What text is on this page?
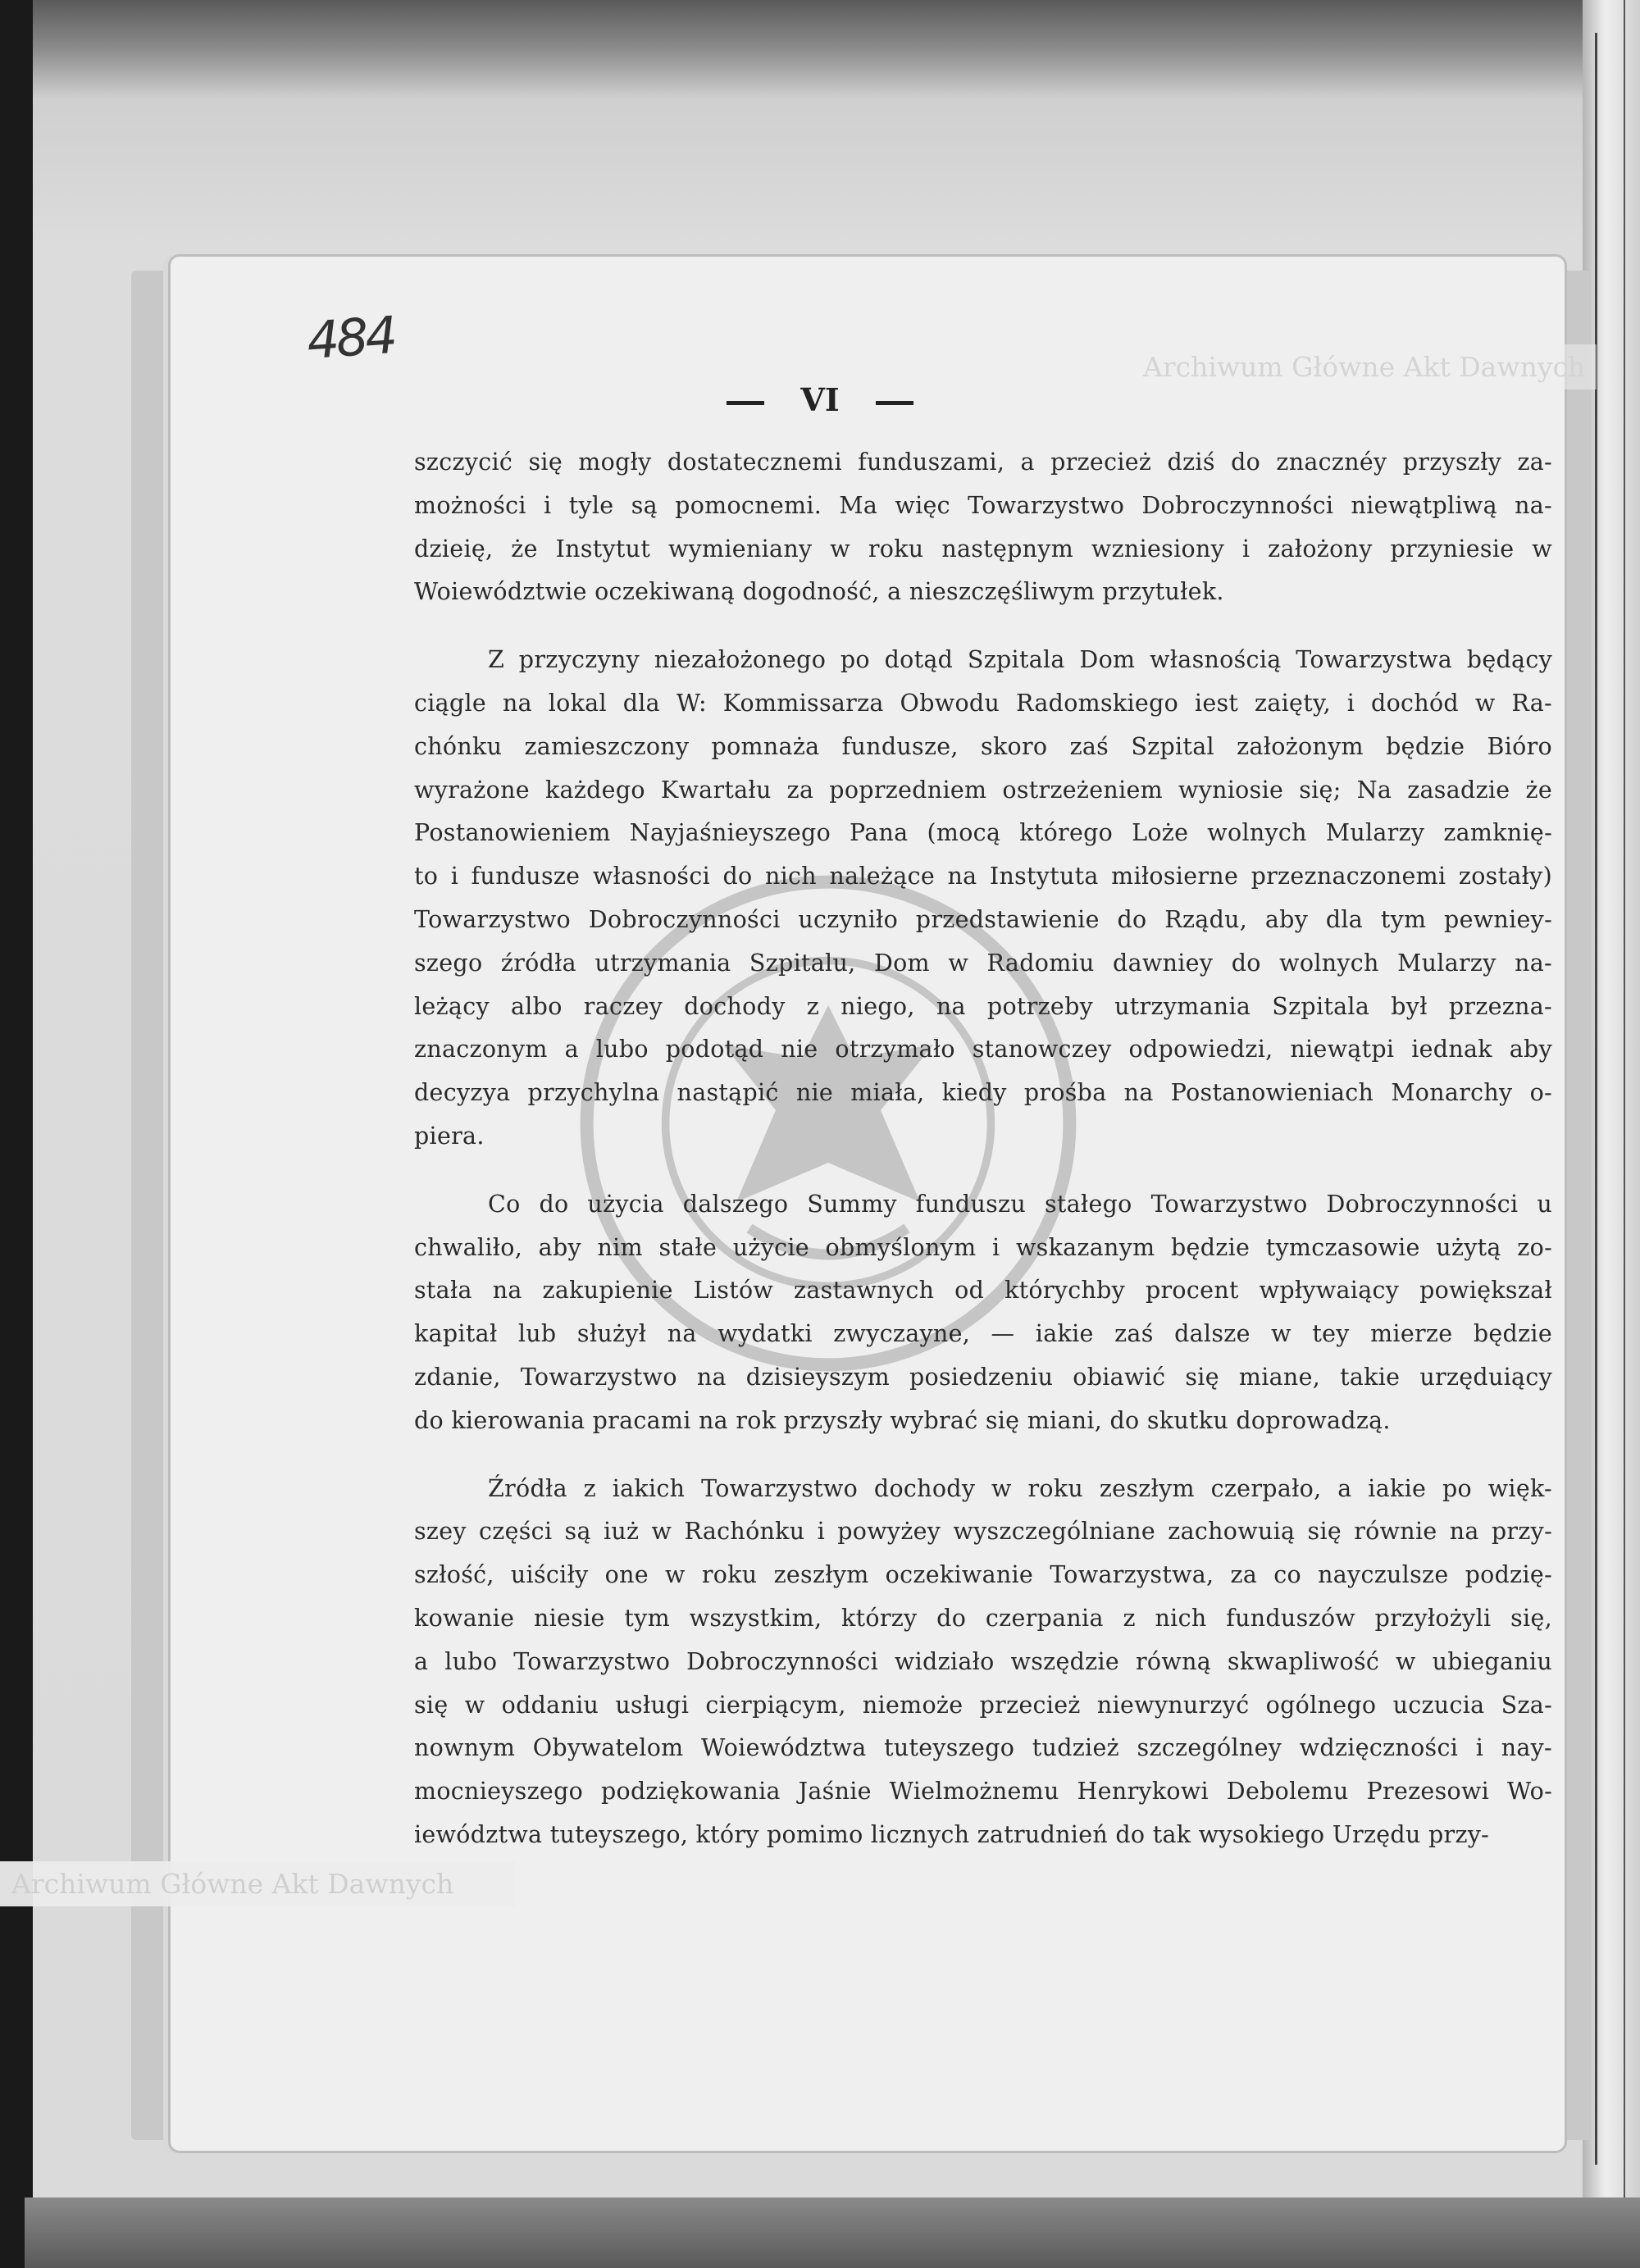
Archiwum Główne Akt Dawnych
Archiwum Główne Akt Dawnych
484
VI
szczycić się mogły dostatecznemi funduszami, a przecież dziś do znacznéy przyszły za-
możności i tyle są pomocnemi. Ma więc Towarzystwo Dobroczynności niewątpliwą na-
dzieię, że Instytut wymieniany w roku następnym wzniesiony i założony przyniesie w
Woiewództwie oczekiwaną dogodność, a nieszczęśliwym przytułek.
Z przyczyny niezałożonego po dotąd Szpitala Dom własnością Towarzystwa będący
ciągle na lokal dla W: Kommissarza Obwodu Radomskiego iest zaięty, i dochód w Ra-
chónku zamieszczony pomnaża fundusze, skoro zaś Szpital założonym będzie Bióro
wyrażone każdego Kwartału za poprzedniem ostrzeżeniem wyniosie się; Na zasadzie że
Postanowieniem Nayjaśnieyszego Pana (mocą którego Loże wolnych Mularzy zamknię-
to i fundusze własności do nich należące na Instytuta miłosierne przeznaczonemi zostały)
Towarzystwo Dobroczynności uczyniło przedstawienie do Rządu, aby dla tym pewniey-
szego źródła utrzymania Szpitalu, Dom w Radomiu dawniey do wolnych Mularzy na-
leżący albo raczey dochody z niego, na potrzeby utrzymania Szpitala był przezna-
znaczonym a lubo podotąd nie otrzymało stanowczey odpowiedzi, niewątpi iednak aby
decyzya przychylna nastąpić nie miała, kiedy prośba na Postanowieniach Monarchy o-
piera.
Co do użycia dalszego Summy funduszu stałego Towarzystwo Dobroczynności u
chwaliło, aby nim stałe użycie obmyślonym i wskazanym będzie tymczasowie użytą zo-
stała na zakupienie Listów zastawnych od którychby procent wpływaiący powiększał
kapitał lub służył na wydatki zwyczayne, — iakie zaś dalsze w tey mierze będzie
zdanie, Towarzystwo na dzisieyszym posiedzeniu obiawić się miane, takie urzęduiący
do kierowania pracami na rok przyszły wybrać się miani, do skutku doprowadzą.
Źródła z iakich Towarzystwo dochody w roku zeszłym czerpało, a iakie po więk-
szey części są iuż w Rachónku i powyżey wyszczególniane zachowuią się równie na przy-
szłość, uiściły one w roku zeszłym oczekiwanie Towarzystwa, za co nayczulsze podzię-
kowanie niesie tym wszystkim, którzy do czerpania z nich funduszów przyłożyli się,
a lubo Towarzystwo Dobroczynności widziało wszędzie równą skwapliwość w ubieganiu
się w oddaniu usługi cierpiącym, niemoże przecież niewynurzyć ogólnego uczucia Sza-
nownym Obywatelom Woiewództwa tuteyszego tudzież szczególney wdzięczności i nay-
mocnieyszego podziękowania Jaśnie Wielmożnemu Henrykowi Debolemu Prezesowi Wo-
iewództwa tuteyszego, który pomimo licznych zatrudnień do tak wysokiego Urzędu przy-
